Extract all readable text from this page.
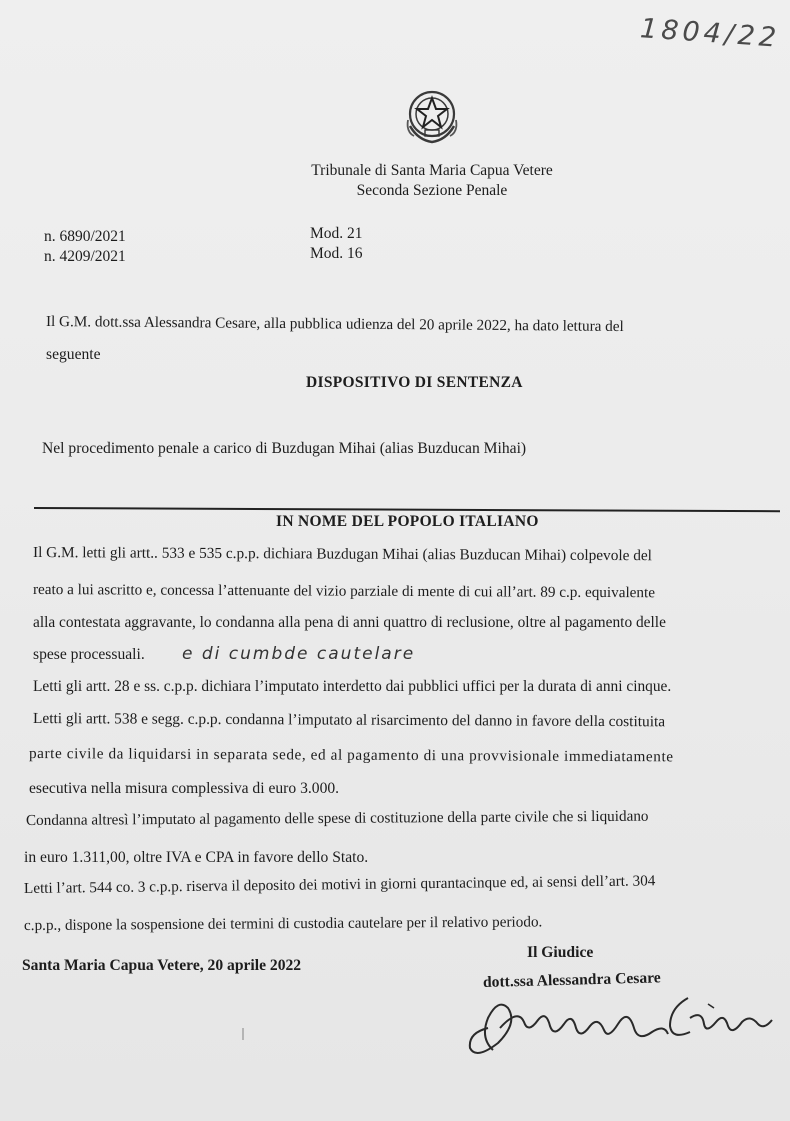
1804/22
Tribunale di Santa Maria Capua Vetere
Seconda Sezione Penale
n. 6890/2021
n. 4209/2021
Mod. 21
Mod. 16
Il G.M. dott.ssa Alessandra Cesare, alla pubblica udienza del 20 aprile 2022, ha dato lettura del
seguente
DISPOSITIVO DI SENTENZA
Nel procedimento penale a carico di Buzdugan Mihai (alias Buzducan Mihai)
IN NOME DEL POPOLO ITALIANO
Il G.M. letti gli artt.. 533 e 535 c.p.p. dichiara Buzdugan Mihai (alias Buzducan Mihai) colpevole del
reato a lui ascritto e, concessa l’attenuante del vizio parziale di mente di cui all’art. 89 c.p. equivalente
alla contestata aggravante, lo condanna alla pena di anni quattro di reclusione, oltre al pagamento delle
spese processuali. e di cumbde cautelare
Letti gli artt. 28 e ss. c.p.p. dichiara l’imputato interdetto dai pubblici uffici per la durata di anni cinque.
Letti gli artt. 538 e segg. c.p.p. condanna l’imputato al risarcimento del danno in favore della costituita
parte civile da liquidarsi in separata sede, ed al pagamento di una provvisionale immediatamente
esecutiva nella misura complessiva di euro 3.000.
Condanna altresì l’imputato al pagamento delle spese di costituzione della parte civile che si liquidano
in euro 1.311,00, oltre IVA e CPA in favore dello Stato.
Letti l’art. 544 co. 3 c.p.p. riserva il deposito dei motivi in giorni qurantacinque ed, ai sensi dell’art. 304
c.p.p., dispone la sospensione dei termini di custodia cautelare per il relativo periodo.
Il Giudice
Santa Maria Capua Vetere, 20 aprile 2022
dott.ssa Alessandra Cesare
